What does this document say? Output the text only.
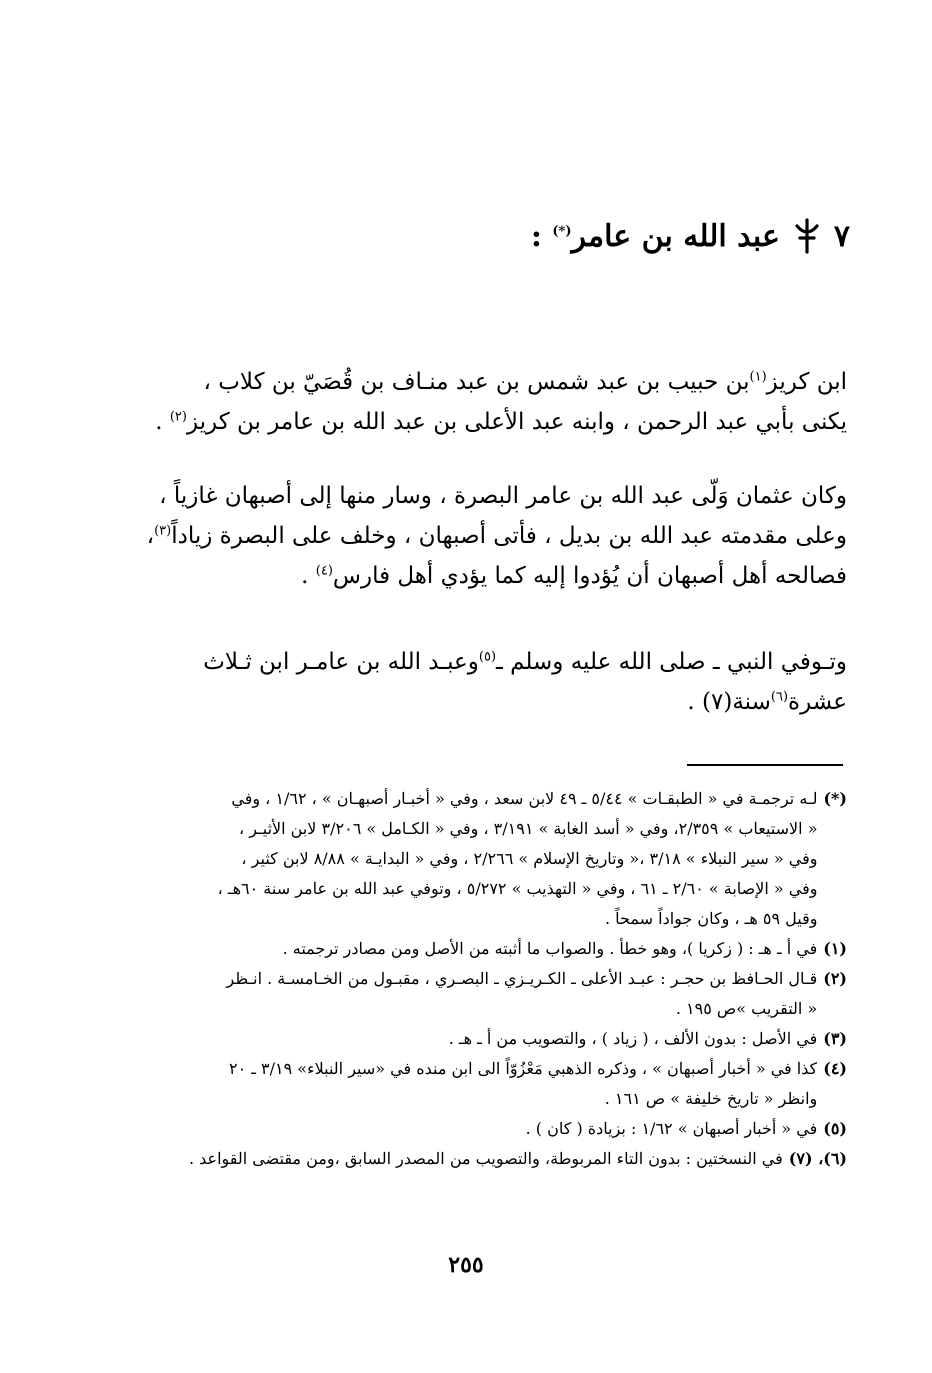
٧
عبد الله بن عامر(*) :
ابن كريز$^{(١)}$بن حبيب بن عبد شمس بن عبد منـاف بن قُصَيّ بن كلاب ،
يكنى بأبي عبد الرحمن ، وابنه عبد الأعلى بن عبد الله بن عامر بن كريز$^{(٢)}$ .
وكان عثمان وَلّى عبد الله بن عامر البصرة ، وسار منها إلى أصبهان غازياً ،
وعلى مقدمته عبد الله بن بديل ، فأتى أصبهان ، وخلف على البصرة زياداً$^{(٣)}$،
فصالحه أهل أصبهان أن يُؤدوا إليه كما يؤدي أهل فارس$^{(٤)}$ .
وتـوفي النبي ـ صلى الله عليه وسلم ـ$^{(٥)}$وعبـد الله بن عامـر ابن ثـلاث
عشرة$^{(٦)}$سنة(٧) .
(*)
لـه ترجمـة في « الطبقـات » ٥/٤٤ ـ ٤٩ لابن سعد ، وفي « أخبـار أصبهـان » ، ١/٦٢ ، وفي
« الاستيعاب » ٢/٣٥٩، وفي « أسد الغابة » ٣/١٩١ ، وفي « الكـامل » ٣/٢٠٦ لابن الأثيـر ،
وفي « سير النبلاء » ٣/١٨ ،« وتاريخ الإسلام » ٢/٢٦٦ ، وفي « البدايـة » ٨/٨٨ لابن كثير ،
وفي « الإصابة » ٢/٦٠ ـ ٦١ ، وفي « التهذيب » ٥/٢٧٢ ، وتوفي عبد الله بن عامر سنة ٦٠هـ ،
وقيل ٥٩ هـ ، وكان جواداً سمحاً .
(١)
في أ ـ هـ : ( زكريا )، وهو خطأ . والصواب ما أثبته من الأصل ومن مصادر ترجمته .
(٢)
قـال الحـافظ بن حجـر : عبـد الأعلى ـ الكـريـزي ـ البصـري ، مقبـول من الخـامسـة . انـظر
« التقريب »ص ١٩٥ .
(٣)
في الأصل : بدون الألف ، ( زياد ) ، والتصويب من أ ـ هـ .
(٤)
كذا في « أخبار أصبهان » ، وذكره الذهبي مَعْزُوّاً الى ابن منده في «سير النبلاء» ٣/١٩ ـ ٢٠
وانظر « تاريخ خليفة » ص ١٦١ .
(٥)
في « أخبار أصبهان » ١/٦٢ : بزيادة ( كان ) .
(٦)، (٧)
في النسختين : بدون التاء المربوطة، والتصويب من المصدر السابق ،ومن مقتضى القواعد .
٢٥٥
